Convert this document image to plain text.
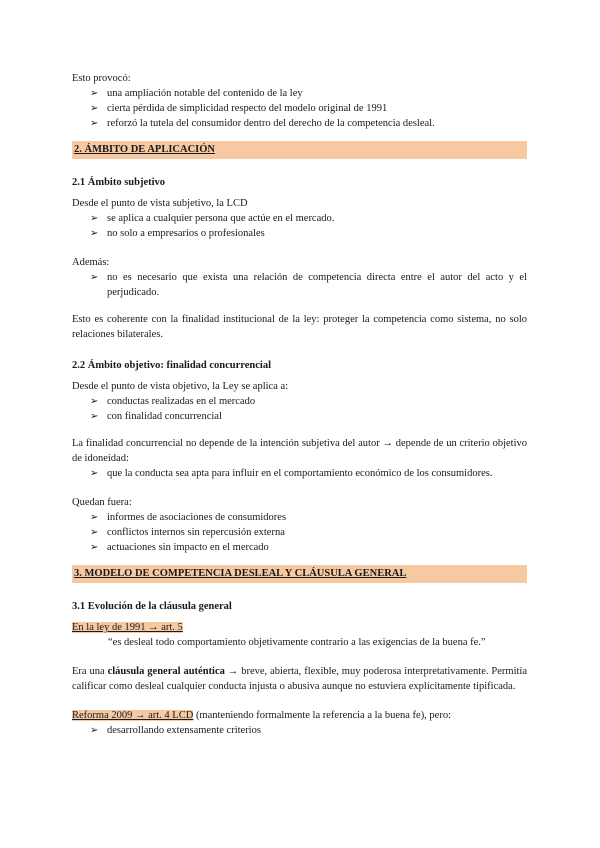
Esto provocó:

➢ una ampliación notable del contenido de la ley
➢ cierta pérdida de simplicidad respecto del modelo original de 1991
➢ reforzó la tutela del consumidor dentro del derecho de la competencia desleal.
2. ÁMBITO DE APLICACIÓN

2.1 Ámbito subjetivo

Desde el punto de vista subjetivo, la LCD

➢ se aplica a cualquier persona que actúe en el mercado.
➢ no solo a empresarios o profesionales

Además:

➢ no es necesario que exista una relación de competencia directa entre el autor del acto y el perjudicado.

Esto es coherente con la finalidad institucional de la ley: proteger la competencia como sistema, no solo relaciones bilaterales.

2.2 Ámbito objetivo: finalidad concurrencial

Desde el punto de vista objetivo, la Ley se aplica a:

➢ conductas realizadas en el mercado
➢ con finalidad concurrencial

La finalidad concurrencial no depende de la intención subjetiva del autor → depende de un criterio objetivo de idoneidad:

➢ que la conducta sea apta para influir en el comportamiento económico de los consumidores.

Quedan fuera:

➢ informes de asociaciones de consumidores
➢ conflictos internos sin repercusión externa
➢ actuaciones sin impacto en el mercado
3. MODELO DE COMPETENCIA DESLEAL Y CLÁUSULA GENERAL

3.1 Evolución de la cláusula general

En la ley de 1991 → art. 5

“es desleal todo comportamiento objetivamente contrario a las exigencias de la buena fe.”

Era una cláusula general auténtica → breve, abierta, flexible, muy poderosa interpretativamente. Permitía calificar como desleal cualquier conducta injusta o abusiva aunque no estuviera explícitamente tipificada.

Reforma 2009 → art. 4 LCD (manteniendo formalmente la referencia a la buena fe), pero:

➢ desarrollando extensamente criterios
